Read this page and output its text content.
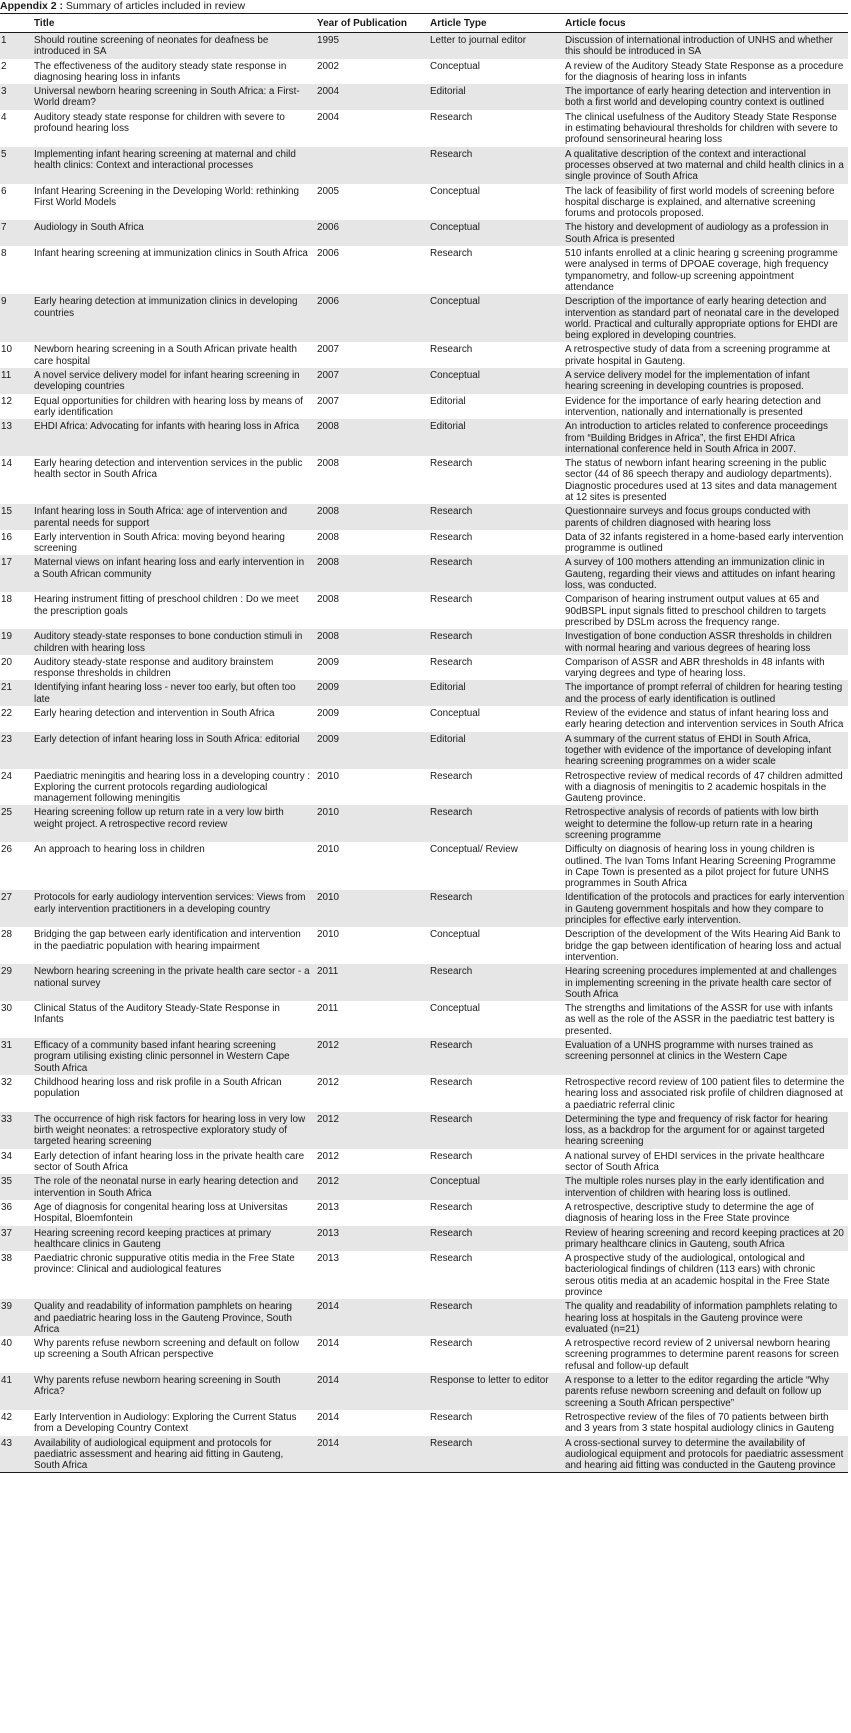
Appendix 2 : Summary of articles included in review
	Title	Year of Publication	Article Type	Article focus
1	Should routine screening of neonates for deafness be introduced in SA	1995	Letter to journal editor	Discussion of international introduction of UNHS and whether this should be introduced in SA
2	The effectiveness of the auditory steady state response in diagnosing hearing loss in infants	2002	Conceptual	A review of the Auditory Steady State Response as a procedure for the diagnosis of hearing loss in infants
3	Universal newborn hearing screening in South Africa: a First-World dream?	2004	Editorial	The importance of early hearing detection and intervention in both a first world and developing country context is outlined
4	Auditory steady state response for children with severe to profound hearing loss	2004	Research	The clinical usefulness of the Auditory Steady State Response in estimating behavioural thresholds for children with severe to profound sensorineural hearing loss
5	Implementing infant hearing screening at maternal and child health clinics: Context and interactional processes		Research	A qualitative description of the context and interactional processes observed at two maternal and child health clinics in a single province of South Africa
6	Infant Hearing Screening in the Developing World: rethinking First World Models	2005	Conceptual	The lack of feasibility of first world models of screening before hospital discharge is explained, and alternative screening forums and protocols proposed.
7	Audiology in South Africa	2006	Conceptual	The history and development of audiology as a profession in South Africa is presented
8	Infant hearing screening at immunization clinics in South Africa	2006	Research	510 infants enrolled at a clinic hearing g screening programme were analysed in terms of DPOAE coverage, high frequency tympanometry, and follow-up screening appointment attendance
9	Early hearing detection at immunization clinics in developing countries	2006	Conceptual	Description of the importance of early hearing detection and intervention as standard part of neonatal care in the developed world. Practical and culturally appropriate options for EHDI are being explored in developing countries.
10	Newborn hearing screening in a South African private health care hospital	2007	Research	A retrospective study of data from a screening programme at private hospital in Gauteng.
11	A novel service delivery model for infant hearing screening in developing countries	2007	Conceptual	A service delivery model for the implementation of infant hearing screening in developing countries is proposed.
12	Equal opportunities for children with hearing loss by means of early identification	2007	Editorial	Evidence for the importance of early hearing detection and intervention, nationally and internationally is presented
13	EHDI Africa: Advocating for infants with hearing loss in Africa	2008	Editorial	An introduction to articles related to conference proceedings from “Building Bridges in Africa”, the first EHDI Africa international conference held in South Africa in 2007.
14	Early hearing detection and intervention services in the public health sector in South Africa	2008	Research	The status of newborn infant hearing screening in the public sector (44 of 86 speech therapy and audiology departments). Diagnostic procedures used at 13 sites and data management at 12 sites is presented
15	Infant hearing loss in South Africa: age of intervention and parental needs for support	2008	Research	Questionnaire surveys and focus groups conducted with parents of children diagnosed with hearing loss
16	Early intervention in South Africa: moving beyond hearing screening	2008	Research	Data of 32 infants registered in a home-based early intervention programme is outlined
17	Maternal views on infant hearing loss and early intervention in a South African community	2008	Research	A survey of 100 mothers attending an immunization clinic in Gauteng, regarding their views and attitudes on infant hearing loss, was conducted.
18	Hearing instrument fitting of preschool children : Do we meet the prescription goals	2008	Research	Comparison of hearing instrument output values at 65 and 90dBSPL input signals fitted to preschool children to targets prescribed by DSLm across the frequency range.
19	Auditory steady-state responses to bone conduction stimuli in children with hearing loss	2008	Research	Investigation of bone conduction ASSR thresholds in children with normal hearing and various degrees of hearing loss
20	Auditory steady-state response and auditory brainstem response thresholds in children	2009	Research	Comparison of ASSR and ABR thresholds in 48 infants with varying degrees and type of hearing loss.
21	Identifying infant hearing loss - never too early, but often too late	2009	Editorial	The importance of prompt referral of children for hearing testing and the process of early identification is outlined
22	Early hearing detection and intervention in South Africa	2009	Conceptual	Review of the evidence and status of infant hearing loss and early hearing detection and intervention services in South Africa
23	Early detection of infant hearing loss in South Africa: editorial	2009	Editorial	A summary of the current status of EHDI in South Africa, together with evidence of the importance of developing infant hearing screening programmes on a wider scale
24	Paediatric meningitis and hearing loss in a developing country : Exploring the current protocols regarding audiological management following meningitis	2010	Research	Retrospective review of medical records of 47 children admitted with a diagnosis of meningitis to 2 academic hospitals in the Gauteng province.
25	Hearing screening follow up return rate in a very low birth weight project. A retrospective record review	2010	Research	Retrospective analysis of records of patients with low birth weight to determine the follow-up return rate in a hearing screening programme
26	An approach to hearing loss in children	2010	Conceptual/ Review	Difficulty on diagnosis of hearing loss in young children is outlined. The Ivan Toms Infant Hearing Screening Programme in Cape Town is presented as a pilot project for future UNHS programmes in South Africa
27	Protocols for early audiology intervention services: Views from early intervention practitioners in a developing country	2010	Research	Identification of the protocols and practices for early intervention in Gauteng government hospitals and how they compare to principles for effective early intervention.
28	Bridging the gap between early identification and intervention in the paediatric population with hearing impairment	2010	Conceptual	Description of the development of the Wits Hearing Aid Bank to bridge the gap between identification of hearing loss and actual intervention.
29	Newborn hearing screening in the private health care sector - a national survey	2011	Research	Hearing screening procedures implemented at and challenges in implementing screening in the private health care sector of South Africa
30	Clinical Status of the Auditory Steady-State Response in Infants	2011	Conceptual	The strengths and limitations of the ASSR for use with infants as well as the role of the ASSR in the paediatric test battery is presented.
31	Efficacy of a community based infant hearing screening program utilising existing clinic personnel in Western Cape South Africa	2012	Research	Evaluation of a UNHS programme with nurses trained as screening personnel at clinics in the Western Cape
32	Childhood hearing loss and risk profile in a South African population	2012	Research	Retrospective record review of 100 patient files to determine the hearing loss and associated risk profile of children diagnosed at a paediatric referral clinic
33	The occurrence of high risk factors for hearing loss in very low birth weight neonates: a retrospective exploratory study of targeted hearing screening	2012	Research	Determining the type and frequency of risk factor for hearing loss, as a backdrop for the argument for or against targeted hearing screening
34	Early detection of infant hearing loss in the private health care sector of South Africa	2012	Research	A national survey of EHDI services in the private healthcare sector of South Africa
35	The role of the neonatal nurse in early hearing detection and intervention in South Africa	2012	Conceptual	The multiple roles nurses play in the early identification and intervention of children with hearing loss is outlined.
36	Age of diagnosis for congenital hearing loss at Universitas Hospital, Bloemfontein	2013	Research	A retrospective, descriptive study to determine the age of diagnosis of hearing loss in the Free State province
37	Hearing screening record keeping practices at primary healthcare clinics in Gauteng	2013	Research	Review of hearing screening and record keeping practices at 20 primary healthcare clinics in Gauteng, south Africa
38	Paediatric chronic suppurative otitis media in the Free State province: Clinical and audiological features	2013	Research	A prospective study of the audiological, ontological and bacteriological findings of children (113 ears) with chronic serous otitis media at an academic hospital in the Free State province
39	Quality and readability of information pamphlets on hearing and paediatric hearing loss in the Gauteng Province, South Africa	2014	Research	The quality and readability of information pamphlets relating to hearing loss at hospitals in the Gauteng province were evaluated (n=21)
40	Why parents refuse newborn screening and default on follow up screening a South African perspective	2014	Research	A retrospective record review of 2 universal newborn hearing screening programmes to determine parent reasons for screen refusal and follow-up default
41	Why parents refuse newborn hearing screening in South Africa?	2014	Response to letter to editor	A response to a letter to the editor regarding the article “Why parents refuse newborn screening and default on follow up screening a South African perspective”
42	Early Intervention in Audiology: Exploring the Current Status from a Developing Country Context	2014	Research	Retrospective review of the files of 70 patients between birth and 3 years from 3 state hospital audiology clinics in Gauteng
43	Availability of audiological equipment and protocols for paediatric assessment and hearing aid fitting in Gauteng, South Africa	2014	Research	A cross-sectional survey to determine the availability of audiological equipment and protocols for paediatric assessment and hearing aid fitting was conducted in the Gauteng province
